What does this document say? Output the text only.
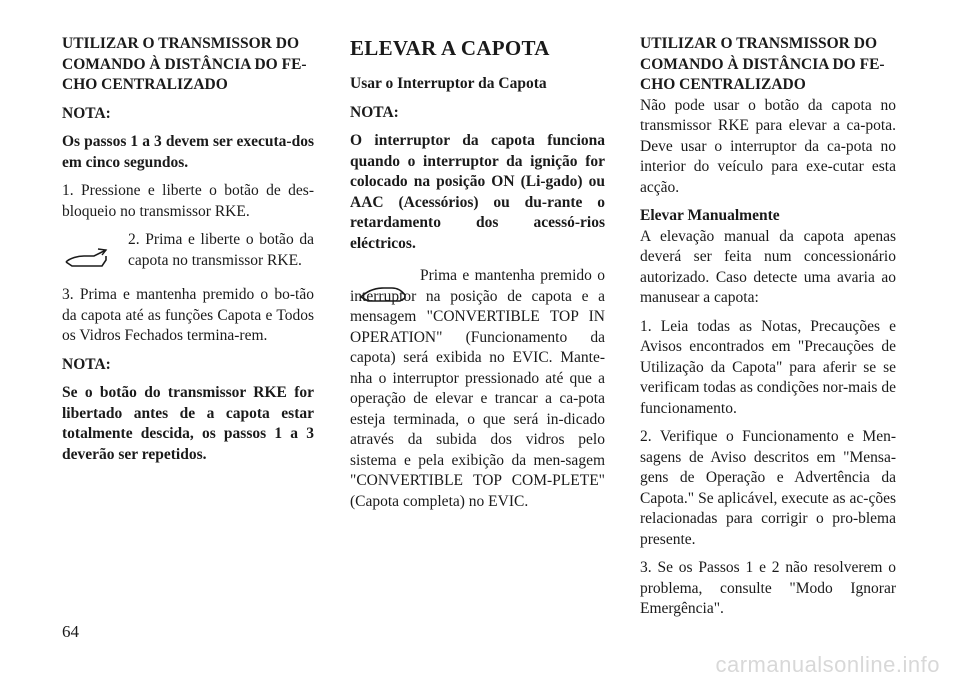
UTILIZAR O TRANSMISSOR DO COMANDO À DISTÂNCIA DO FE-CHO CENTRALIZADO
NOTA:

Os passos 1 a 3 devem ser executa-dos em cinco segundos.

1. Pressione e liberte o botão de des-bloqueio no transmissor RKE.

2. Prima e liberte o botão da capota no transmissor RKE.

3. Prima e mantenha premido o bo-tão da capota até as funções Capota e Todos os Vidros Fechados termina-rem.

NOTA:

Se o botão do transmissor RKE for libertado antes de a capota estar totalmente descida, os passos 1 a 3 deverão ser repetidos.

ELEVAR A CAPOTA
Usar o Interruptor da Capota
NOTA:

O interruptor da capota funciona quando o interruptor da ignição for colocado na posição ON (Li-gado) ou AAC (Acessórios) ou du-rante o retardamento dos acessó-rios eléctricos.

Prima e mantenha premido o interruptor na posição de capota e a mensagem "CONVERTIBLE TOP IN OPERATION" (Funcionamento da capota) será exibida no EVIC. Mante-nha o interruptor pressionado até que a operação de elevar e trancar a ca-pota esteja terminada, o que será in-dicado através da subida dos vidros pelo sistema e pela exibição da men-sagem "CONVERTIBLE TOP COM-PLETE" (Capota completa) no EVIC.
UTILIZAR O TRANSMISSOR DO COMANDO À DISTÂNCIA DO FE-CHO CENTRALIZADO

Não pode usar o botão da capota no transmissor RKE para elevar a ca-pota. Deve usar o interruptor da ca-pota no interior do veículo para exe-cutar esta acção.

Elevar Manualmente

A elevação manual da capota apenas deverá ser feita num concessionário autorizado. Caso detecte uma avaria ao manusear a capota:

1. Leia todas as Notas, Precauções e Avisos encontrados em "Precauções de Utilização da Capota" para aferir se se verificam todas as condições nor-mais de funcionamento.

2. Verifique o Funcionamento e Men-sagens de Aviso descritos em "Mensa-gens de Operação e Advertência da Capota." Se aplicável, execute as ac-ções relacionadas para corrigir o pro-blema presente.

3. Se os Passos 1 e 2 não resolverem o problema, consulte "Modo Ignorar Emergência".

64
carmanualsonline.info
